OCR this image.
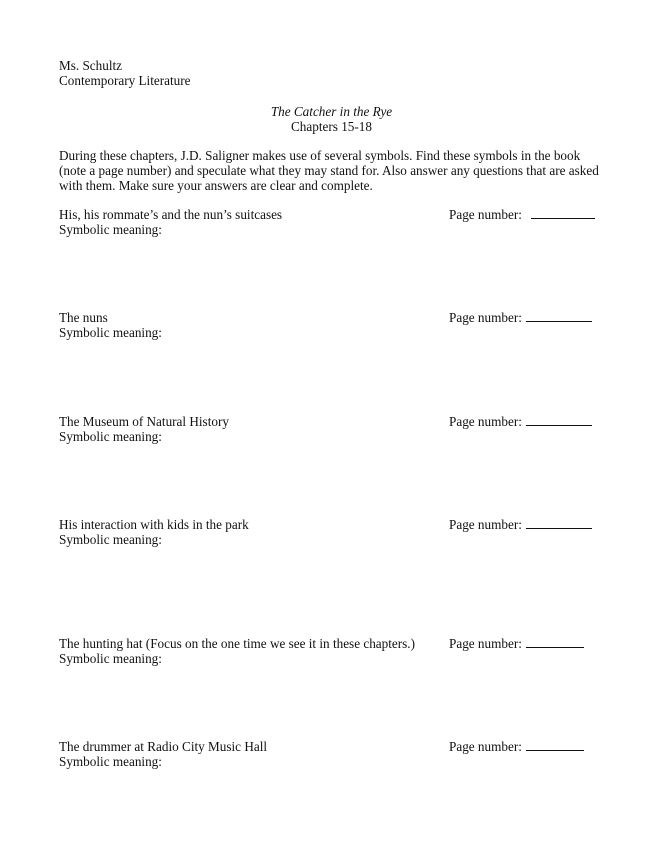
Ms. Schultz
Contemporary Literature
The Catcher in the Rye
Chapters 15-18
During these chapters, J.D. Saligner makes use of several symbols. Find these symbols in the book (note a page number) and speculate what they may stand for. Also answer any questions that are asked with them. Make sure your answers are clear and complete.
His, his rommate’s and the nun’s suitcases	Page number:
Symbolic meaning:
The nuns	Page number:
Symbolic meaning:
The Museum of Natural History	Page number:
Symbolic meaning:
His interaction with kids in the park	Page number:
Symbolic meaning:
The hunting hat (Focus on the one time we see it in these chapters.)	Page number:
Symbolic meaning:
The drummer at Radio City Music Hall	Page number:
Symbolic meaning:
